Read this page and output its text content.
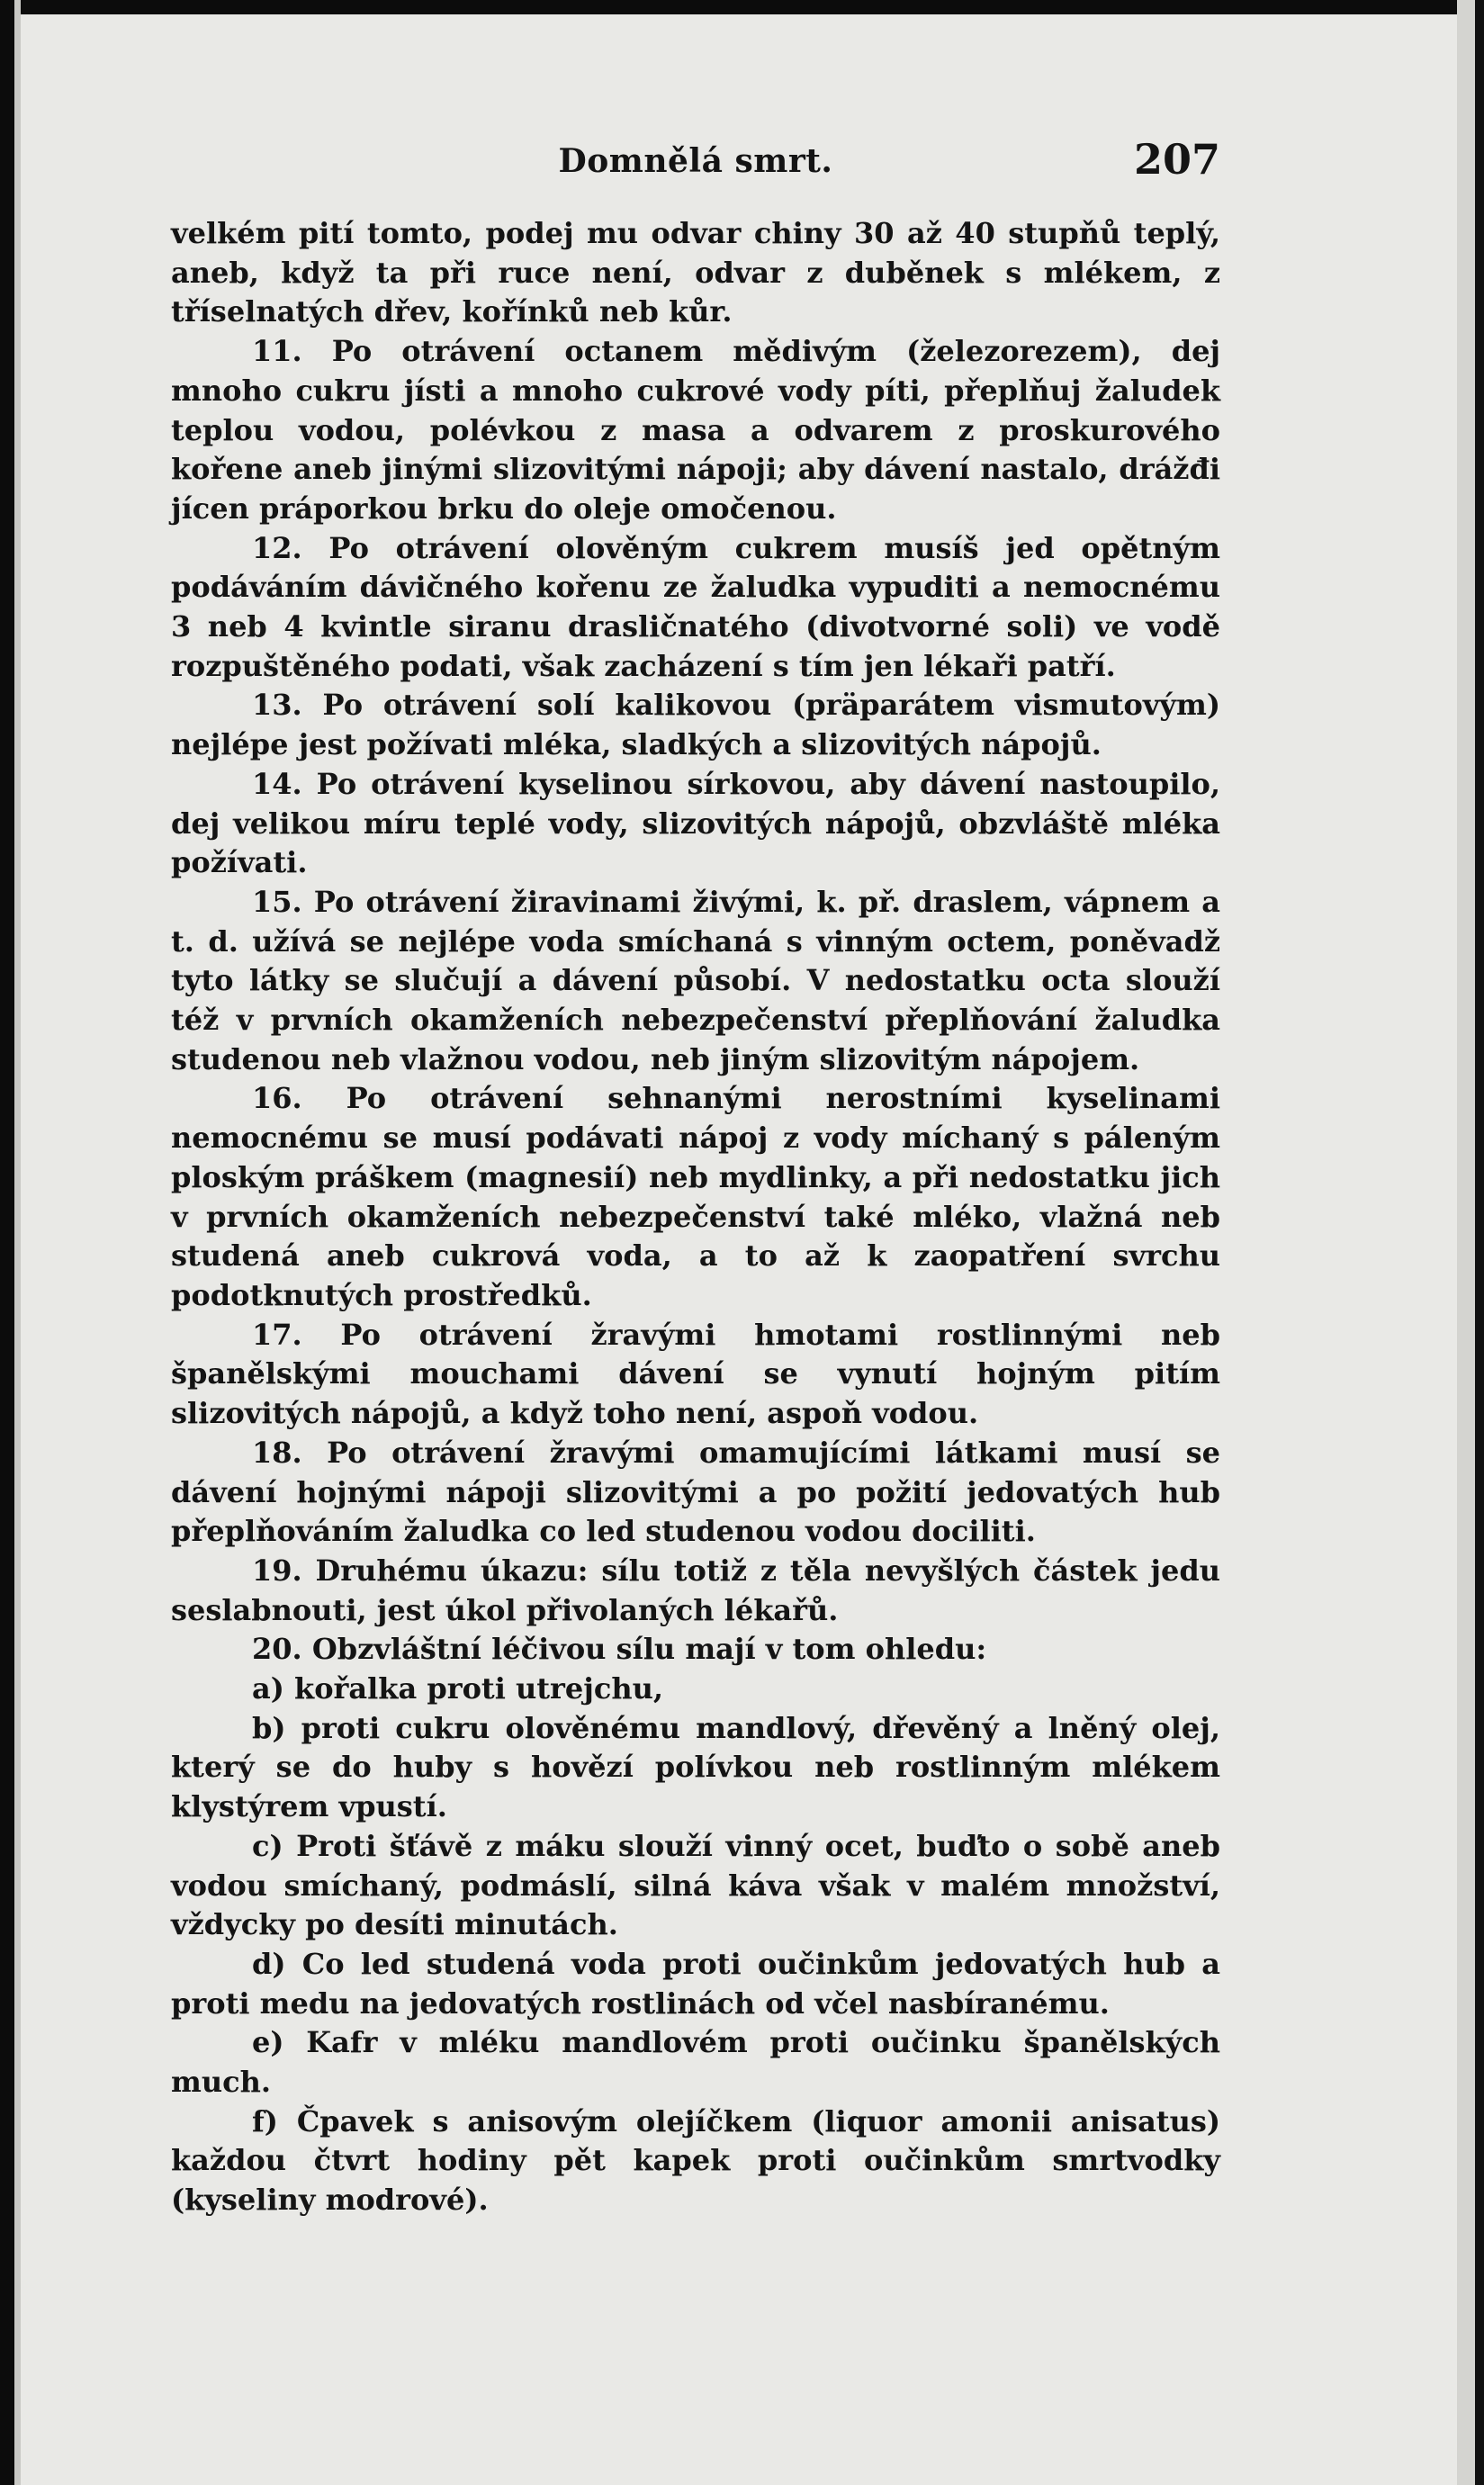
Domnělá smrt.	207

velkém pití tomto, podej mu odvar chiny 30 až 40 stupňů teplý, aneb, když ta při ruce není, odvar z duběnek s mlékem, z tříselnatých dřev, kořínků neb kůr.

11. Po otrávení octanem mědivým (železorezem), dej mnoho cukru jísti a mnoho cukrové vody píti, přeplňuj žaludek teplou vodou, polévkou z masa a odvarem z proskurového kořene aneb jinými slizovitými nápoji; aby dávení nastalo, drážđi jícen práporkou brku do oleje omočenou.

12. Po otrávení olověným cukrem musíš jed opětným podáváním dávičného kořenu ze žaludka vypuditi a nemocnému 3 neb 4 kvintle siranu drasličnatého (divotvorné soli) ve vodě rozpuštěného podati, však zacházení s tím jen lékaři patří.

13. Po otrávení solí kalikovou (präparátem vismutovým) nejlépe jest požívati mléka, sladkých a slizovitých nápojů.

14. Po otrávení kyselinou sírkovou, aby dávení nastoupilo, dej velikou míru teplé vody, slizovitých nápojů, obzvláště mléka požívati.

15. Po otrávení žiravinami živými, k. př. draslem, vápnem a t. d. užívá se nejlépe voda smíchaná s vinným octem, poněvadž tyto látky se slučují a dávení působí. V nedostatku octa slouží též v prvních okamženích nebezpečenství přeplňování žaludka studenou neb vlažnou vodou, neb jiným slizovitým nápojem.

16. Po otrávení sehnanými nerostními kyselinami nemocnému se musí podávati nápoj z vody míchaný s páleným ploským práškem (magnesií) neb mydlinky, a při nedostatku jich v prvních okamženích nebezpečenství také mléko, vlažná neb studená aneb cukrová voda, a to až k zaopatření svrchu podotknutých prostředků.

17. Po otrávení žravými hmotami rostlinnými neb španělskými mouchami dávení se vynutí hojným pitím slizovitých nápojů, a když toho není, aspoň vodou.

18. Po otrávení žravými omamujícími látkami musí se dávení hojnými nápoji slizovitými a po požití jedovatých hub přeplňováním žaludka co led studenou vodou dociliti.

19. Druhému úkazu: sílu totiž z těla nevyšlých částek jedu seslabnouti, jest úkol přivolaných lékařů.

20. Obzvláštní léčivou sílu mají v tom ohledu:

a) kořalka proti utrejchu,

b) proti cukru olověnému mandlový, dřevěný a lněný olej, který se do huby s hovězí polívkou neb rostlinným mlékem klystýrem vpustí.

c) Proti šťávě z máku slouží vinný ocet, buďto o sobě aneb vodou smíchaný, podmáslí, silná káva však v malém množství, vždycky po desíti minutách.

d) Co led studená voda proti oučinkům jedovatých hub a proti medu na jedovatých rostlinách od včel nasbíranému.

e) Kafr v mléku mandlovém proti oučinku španělských much.

f) Čpavek s anisovým olejíčkem (liquor amonii anisatus) každou čtvrt hodiny pět kapek proti oučinkům smrtvodky (kyseliny modrové).
